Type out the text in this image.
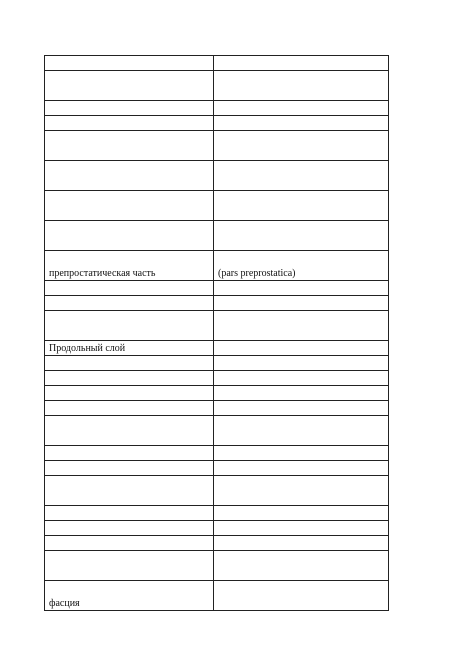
препростатическая часть	(pars preprostatica)

Продольный слой	

фасция	
